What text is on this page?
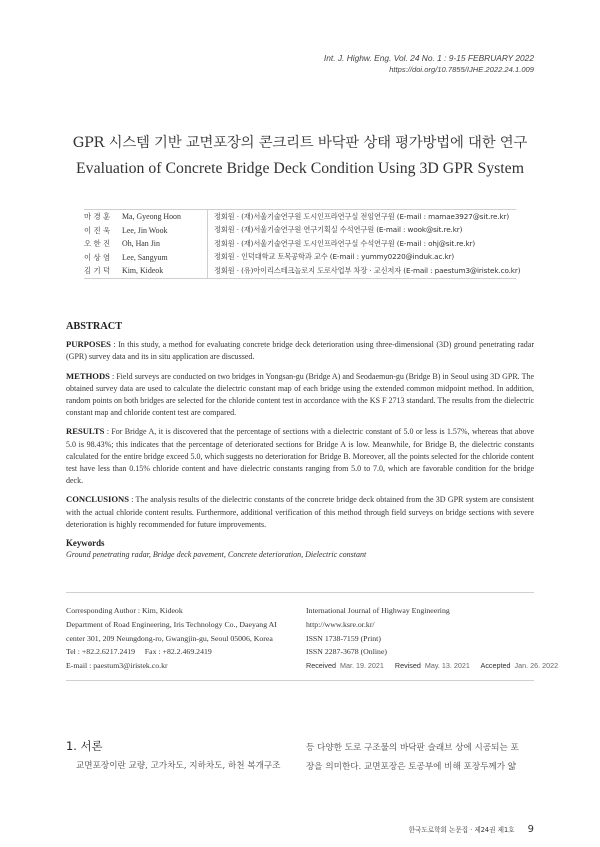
Int. J. Highw. Eng. Vol. 24 No. 1 : 9-15 FEBRUARY 2022
https://doi.org/10.7855/IJHE.2022.24.1.009
GPR 시스템 기반 교면포장의 콘크리트 바닥판 상태 평가방법에 대한 연구
Evaluation of Concrete Bridge Deck Condition Using 3D GPR System
마 경 훈	Ma, Gyeong Hoon	정회원 · (재)서울기술연구원 도시인프라연구실 전임연구원 (E-mail : mamae3927@sit.re.kr)
이 진 욱	Lee, Jin Wook	정회원 · (재)서울기술연구원 연구기획실 수석연구원 (E-mail : wook@sit.re.kr)
오 한 진	Oh, Han Jin	정회원 · (재)서울기술연구원 도시인프라연구실 수석연구원 (E-mail : ohj@sit.re.kr)
이 상 염	Lee, Sangyum	정회원 · 인덕대학교 토목공학과 교수 (E-mail : yummy0220@induk.ac.kr)
김 기 덕	Kim, Kideok	정회원 · (유)아이리스테크놀로지 도로사업부 차장 · 교신저자 (E-mail : paestum3@iristek.co.kr)
ABSTRACT

PURPOSES : In this study, a method for evaluating concrete bridge deck deterioration using three-dimensional (3D) ground penetrating radar (GPR) survey data and its in situ application are discussed.

METHODS : Field surveys are conducted on two bridges in Yongsan-gu (Bridge A) and Seodaemun-gu (Bridge B) in Seoul using 3D GPR. The obtained survey data are used to calculate the dielectric constant map of each bridge using the extended common midpoint method. In addition, random points on both bridges are selected for the chloride content test in accordance with the KS F 2713 standard. The results from the dielectric constant map and chloride content test are compared.

RESULTS : For Bridge A, it is discovered that the percentage of sections with a dielectric constant of 5.0 or less is 1.57%, whereas that above 5.0 is 98.43%; this indicates that the percentage of deteriorated sections for Bridge A is low. Meanwhile, for Bridge B, the dielectric constants calculated for the entire bridge exceed 5.0, which suggests no deterioration for Bridge B. Moreover, all the points selected for the chloride content test have less than 0.15% chloride content and have dielectric constants ranging from 5.0 to 7.0, which are favorable condition for the bridge deck.

CONCLUSIONS : The analysis results of the dielectric constants of the concrete bridge deck obtained from the 3D GPR system are consistent with the actual chloride content results. Furthermore, additional verification of this method through field surveys on bridge sections with severe deterioration is highly recommended for future improvements.

Keywords
Ground penetrating radar, Bridge deck pavement, Concrete deterioration, Dielectric constant
Corresponding Author : Kim, Kideok
Department of Road Engineering, Iris Technology Co., Daeyang AI
center 301, 209 Neungdong-ro, Gwangjin-gu, Seoul 05006, Korea
Tel : +82.2.6217.2419     Fax : +82.2.469.2419
E-mail : paestum3@iristek.co.kr
International Journal of Highway Engineering
http://www.ksre.or.kr/
ISSN 1738-7159 (Print)
ISSN 2287-3678 (Online)
Received Mar. 19. 2021 Revised May. 13. 2021 Accepted Jan. 26. 2022
1. 서론
교면포장이란 교량, 고가차도, 지하차도, 하천 복개구조
등 다양한 도로 구조물의 바닥판 슬래브 상에 시공되는 포
장을 의미한다. 교면포장은 토공부에 비해 포장두께가 얇
한국도로학회 논문집 · 제24권 제1호 9
